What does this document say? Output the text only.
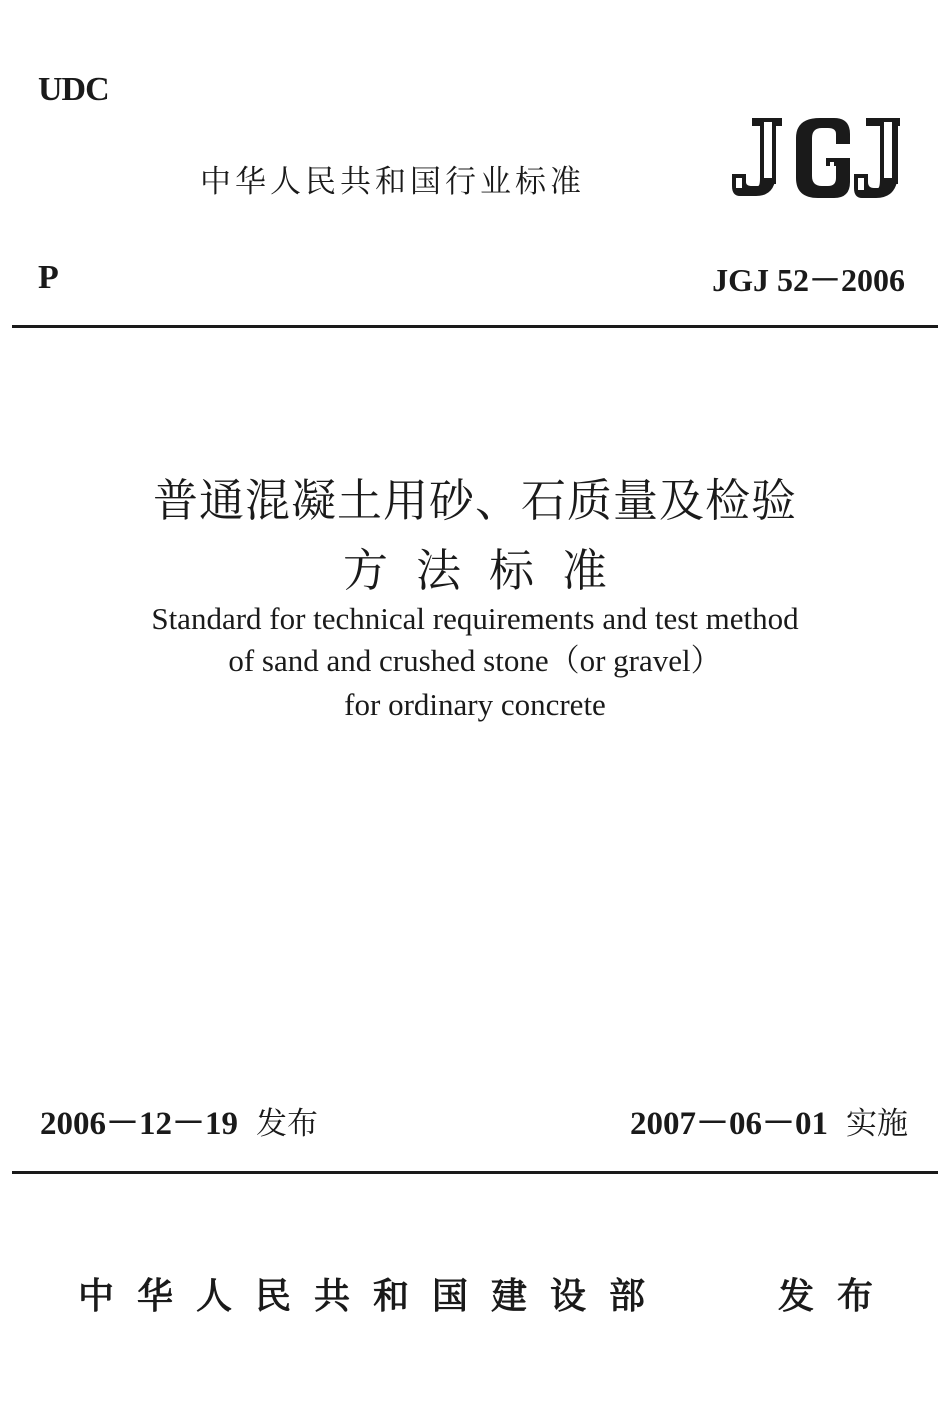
UDC
中华人民共和国行业标准
P	JGJ 52－2006
普通混凝土用砂、石质量及检验
方法标准
Standard for technical requirements and test method
of sand and crushed stone（or gravel）
for ordinary concrete
2006－12－19 发布	2007－06－01 实施
中华人民共和国建设部	发布
